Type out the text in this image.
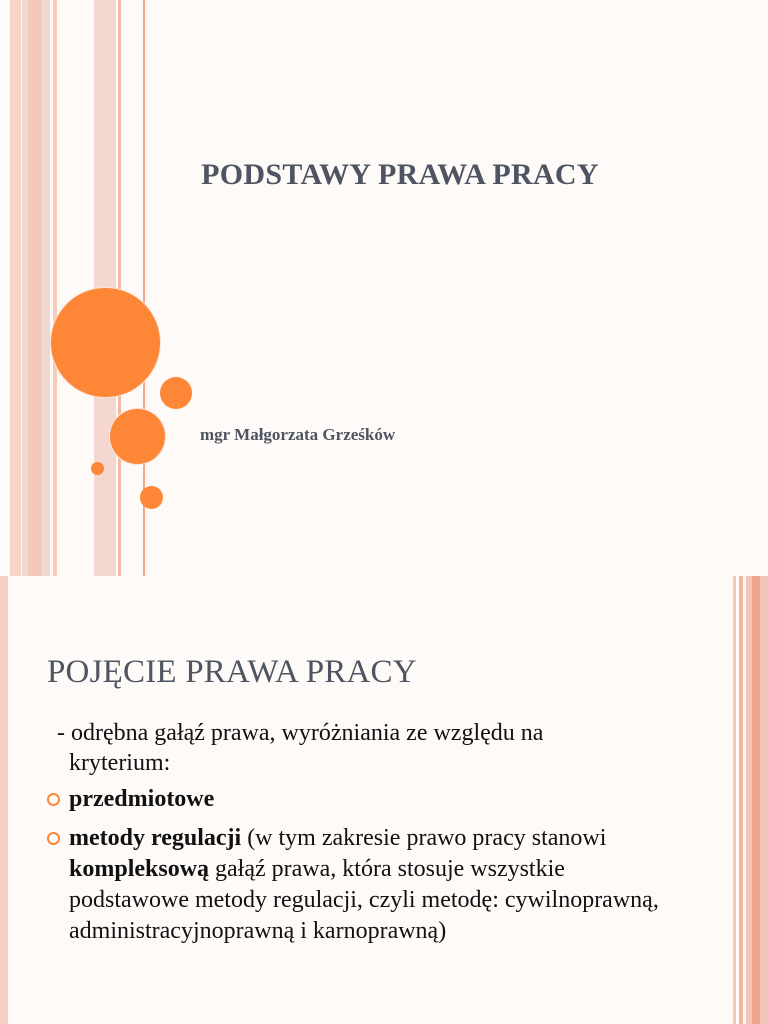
PODSTAWY PRAWA PRACY
mgr Małgorzata Grześków
POJĘCIE PRAWA PRACY
- odrębna gałąź prawa, wyróżniania ze względu na
kryterium:
przedmiotowe
metody regulacji (w tym zakresie prawo pracy stanowi kompleksową gałąź prawa, która stosuje wszystkie podstawowe metody regulacji, czyli metodę: cywilnoprawną, administracyjnoprawną i karnoprawną)
